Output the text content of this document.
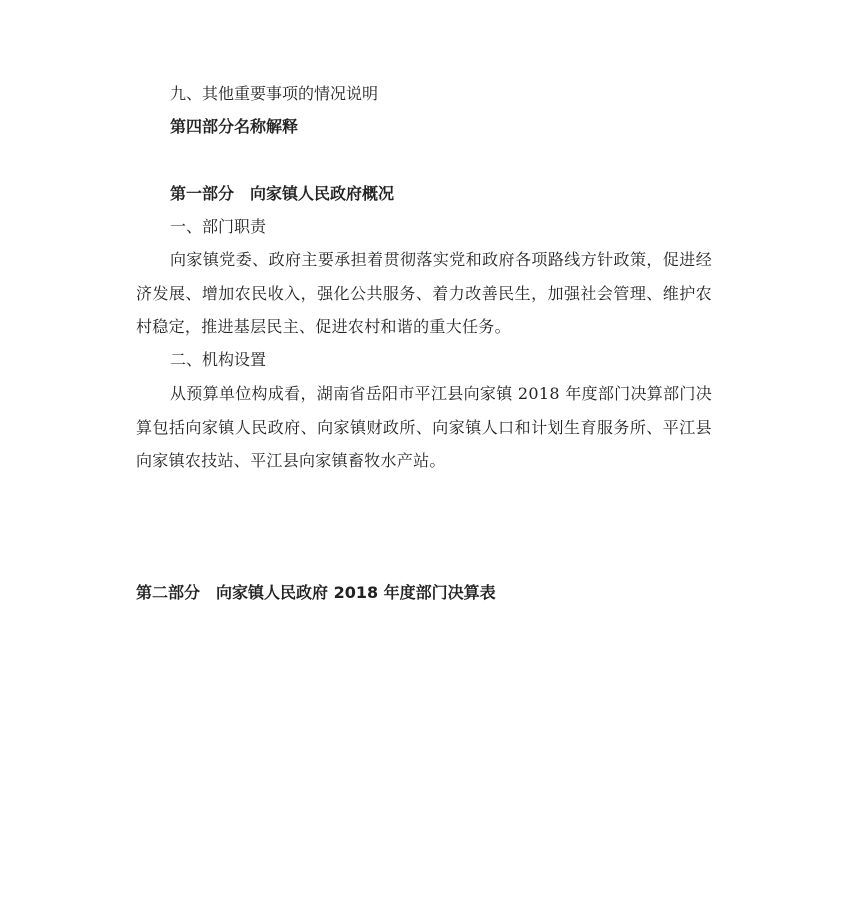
九、其他重要事项的情况说明
第四部分名称解释
第一部分　向家镇人民政府概况
一、部门职责
向家镇党委、政府主要承担着贯彻落实党和政府各项路线方针政策，促进经济发展、增加农民收入，强化公共服务、着力改善民生，加强社会管理、维护农村稳定，推进基层民主、促进农村和谐的重大任务。
二、机构设置
从预算单位构成看，湖南省岳阳市平江县向家镇 2018 年度部门决算部门决算包括向家镇人民政府、向家镇财政所、向家镇人口和计划生育服务所、平江县向家镇农技站、平江县向家镇畜牧水产站。
第二部分　向家镇人民政府 2018 年度部门决算表
